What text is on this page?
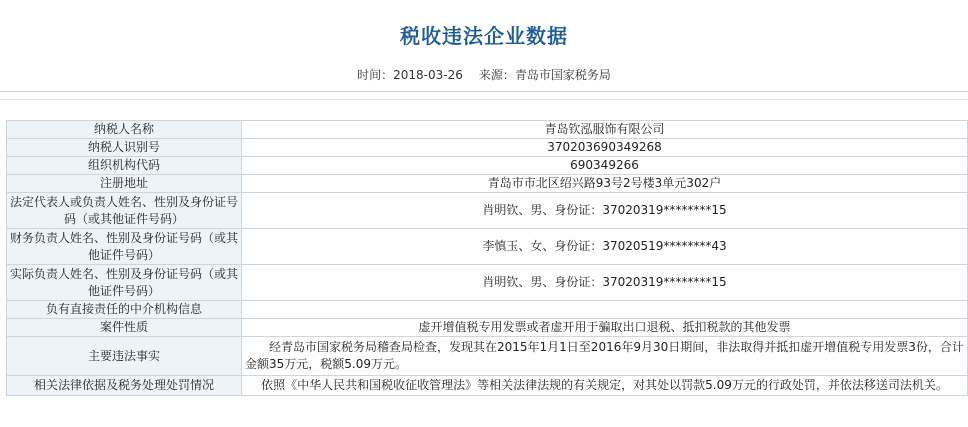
税收违法企业数据
时间：2018-03-26 来源：青岛市国家税务局
纳税人名称	青岛钦泓服饰有限公司
纳税人识别号	370203690349268
组织机构代码	690349266
注册地址	青岛市市北区绍兴路93号2号楼3单元302户
法定代表人或负责人姓名、性别及身份证号码（或其他证件号码）	肖明钦、男、身份证：37020319********15
财务负责人姓名、性别及身份证号码（或其他证件号码）	李慎玉、女、身份证：37020519********43
实际负责人姓名、性别及身份证号码（或其他证件号码）	肖明钦、男、身份证：37020319********15
负有直接责任的中介机构信息	
案件性质	虚开增值税专用发票或者虚开用于骗取出口退税、抵扣税款的其他发票
主要违法事实	经青岛市国家税务局稽查局检查，发现其在2015年1月1日至2016年9月30日期间，非法取得并抵扣虚开增值税专用发票3份，合计金额35万元，税额5.09万元。
相关法律依据及税务处理处罚情况	依照《中华人民共和国税收征收管理法》等相关法律法规的有关规定，对其处以罚款5.09万元的行政处罚，并依法移送司法机关。
